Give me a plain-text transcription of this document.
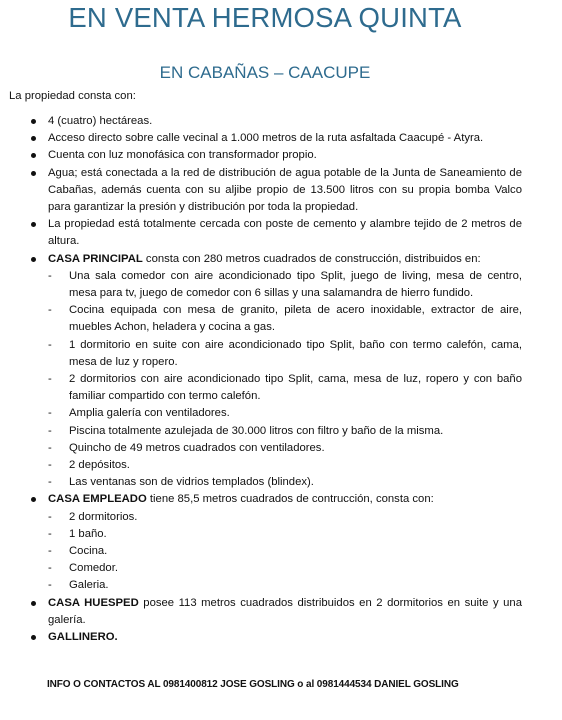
EN VENTA HERMOSA QUINTA
EN CABAÑAS – CAACUPE
La propiedad consta con:
4 (cuatro) hectáreas.
Acceso directo sobre calle vecinal a 1.000 metros de la ruta asfaltada Caacupé - Atyra.
Cuenta con luz monofásica con transformador propio.
Agua; está conectada a la red de distribución de agua potable de la Junta de Saneamiento de Cabañas, además cuenta con su aljibe propio de 13.500 litros con su propia bomba Valco para garantizar la presión y distribución por toda la propiedad.
La propiedad está totalmente cercada con poste de cemento y alambre tejido de 2 metros de altura.
CASA PRINCIPAL consta con 280 metros cuadrados de construcción, distribuidos en:
- Una sala comedor con aire acondicionado tipo Split, juego de living, mesa de centro, mesa para tv, juego de comedor con 6 sillas y una salamandra de hierro fundido.
- Cocina equipada con mesa de granito, pileta de acero inoxidable, extractor de aire, muebles Achon, heladera y cocina a gas.
- 1 dormitorio en suite con aire acondicionado tipo Split, baño con termo calefón, cama, mesa de luz y ropero.
- 2 dormitorios con aire acondicionado tipo Split, cama, mesa de luz, ropero y con baño familiar compartido con termo calefón.
- Amplia galería con ventiladores.
- Piscina totalmente azulejada de 30.000 litros con filtro y baño de la misma.
- Quincho de 49 metros cuadrados con ventiladores.
- 2 depósitos.
- Las ventanas son de vidrios templados (blindex).
CASA EMPLEADO tiene 85,5 metros cuadrados de contrucción, consta con:
- 2 dormitorios.
- 1 baño.
- Cocina.
- Comedor.
- Galeria.
CASA HUESPED posee 113 metros cuadrados distribuidos en 2 dormitorios en suite y una galería.
GALLINERO.
INFO O CONTACTOS AL 0981400812 JOSE GOSLING o al 0981444534 DANIEL GOSLING
